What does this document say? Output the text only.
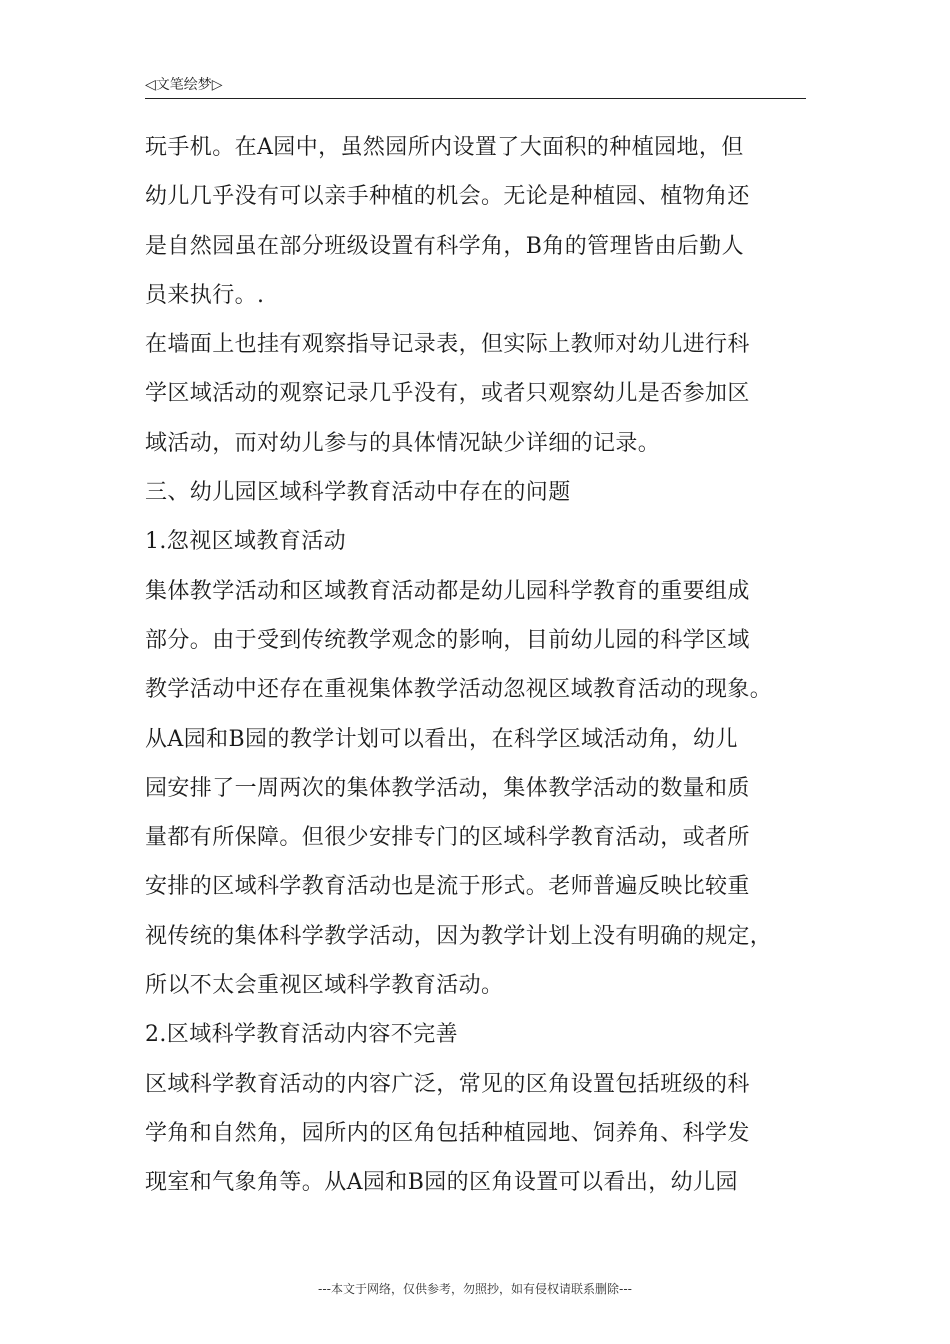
◁文笔绘梦▷
玩手机。在A园中，虽然园所内设置了大面积的种植园地，但
幼儿几乎没有可以亲手种植的机会。无论是种植园、植物角还
是自然园虽在部分班级设置有科学角，B角的管理皆由后勤人
员来执行。.
在墙面上也挂有观察指导记录表，但实际上教师对幼儿进行科
学区域活动的观察记录几乎没有，或者只观察幼儿是否参加区
域活动，而对幼儿参与的具体情况缺少详细的记录。
三、幼儿园区域科学教育活动中存在的问题
1.忽视区域教育活动
集体教学活动和区域教育活动都是幼儿园科学教育的重要组成
部分。由于受到传统教学观念的影响，目前幼儿园的科学区域
教学活动中还存在重视集体教学活动忽视区域教育活动的现象。
从A园和B园的教学计划可以看出，在科学区域活动角，幼儿
园安排了一周两次的集体教学活动，集体教学活动的数量和质
量都有所保障。但很少安排专门的区域科学教育活动，或者所
安排的区域科学教育活动也是流于形式。老师普遍反映比较重
视传统的集体科学教学活动，因为教学计划上没有明确的规定，
所以不太会重视区域科学教育活动。
2.区域科学教育活动内容不完善
区域科学教育活动的内容广泛，常见的区角设置包括班级的科
学角和自然角，园所内的区角包括种植园地、饲养角、科学发
现室和气象角等。从A园和B园的区角设置可以看出，幼儿园
---本文于网络，仅供参考，勿照抄，如有侵权请联系删除---
